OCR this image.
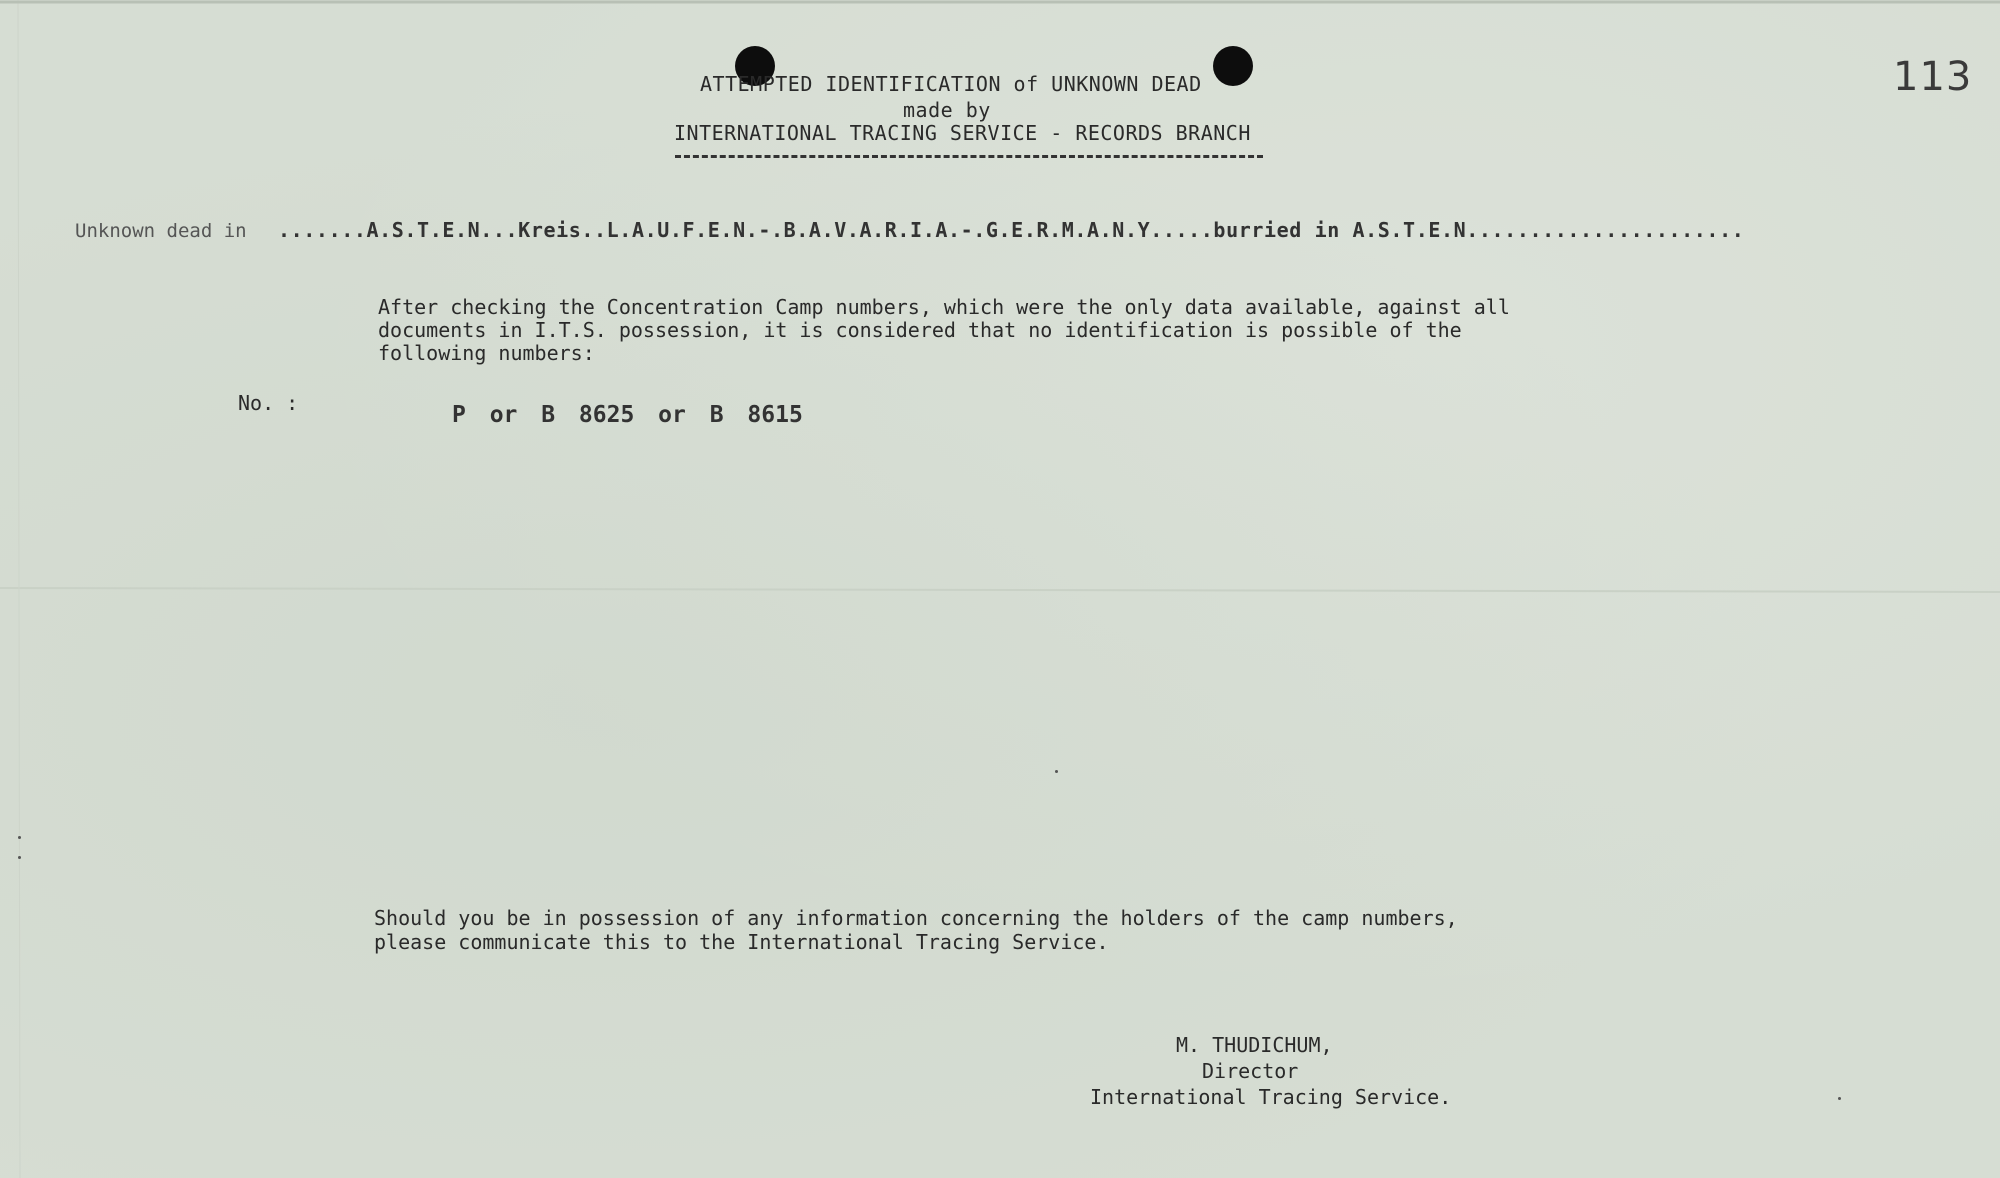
113
ATTEMPTED IDENTIFICATION of UNKNOWN DEAD
made by
INTERNATIONAL TRACING SERVICE - RECORDS BRANCH
Unknown dead in .......A.S.T.E.N...Kreis..L.A.U.F.E.N.-.B.A.V.A.R.I.A.-.G.E.R.M.A.N.Y.....burried in A.S.T.E.N......................
After checking the Concentration Camp numbers, which were the only data available, against all
documents in I.T.S. possession, it is considered that no identification is possible of the
following numbers:
No. :	P or B 8625 or B 8615
Should you be in possession of any information concerning the holders of the camp numbers,
please communicate this to the International Tracing Service.
M. THUDICHUM,
Director
International Tracing Service.
